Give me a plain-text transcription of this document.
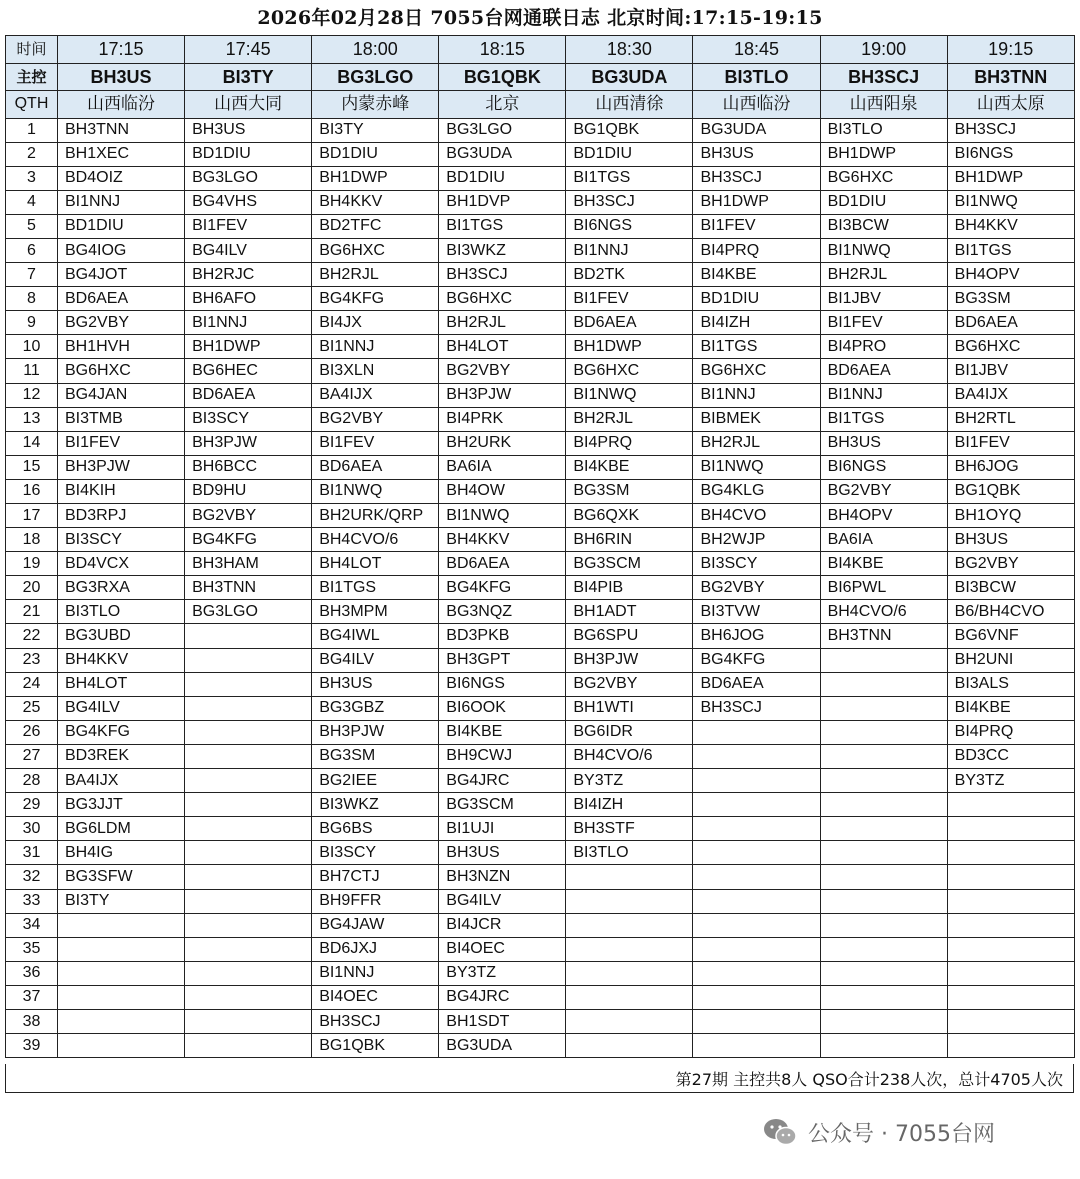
2026年02月28日 7055台网通联日志 北京时间:17:15-19:15
时间	17:15	17:45	18:00	18:15	18:30	18:45	19:00	19:15
主控	BH3US	BI3TY	BG3LGO	BG1QBK	BG3UDA	BI3TLO	BH3SCJ	BH3TNN
QTH	山西临汾	山西大同	内蒙赤峰	北京	山西清徐	山西临汾	山西阳泉	山西太原
1	BH3TNN	BH3US	BI3TY	BG3LGO	BG1QBK	BG3UDA	BI3TLO	BH3SCJ
2	BH1XEC	BD1DIU	BD1DIU	BG3UDA	BD1DIU	BH3US	BH1DWP	BI6NGS
3	BD4OIZ	BG3LGO	BH1DWP	BD1DIU	BI1TGS	BH3SCJ	BG6HXC	BH1DWP
4	BI1NNJ	BG4VHS	BH4KKV	BH1DVP	BH3SCJ	BH1DWP	BD1DIU	BI1NWQ
5	BD1DIU	BI1FEV	BD2TFC	BI1TGS	BI6NGS	BI1FEV	BI3BCW	BH4KKV
6	BG4IOG	BG4ILV	BG6HXC	BI3WKZ	BI1NNJ	BI4PRQ	BI1NWQ	BI1TGS
7	BG4JOT	BH2RJC	BH2RJL	BH3SCJ	BD2TK	BI4KBE	BH2RJL	BH4OPV
8	BD6AEA	BH6AFO	BG4KFG	BG6HXC	BI1FEV	BD1DIU	BI1JBV	BG3SM
9	BG2VBY	BI1NNJ	BI4JX	BH2RJL	BD6AEA	BI4IZH	BI1FEV	BD6AEA
10	BH1HVH	BH1DWP	BI1NNJ	BH4LOT	BH1DWP	BI1TGS	BI4PRO	BG6HXC
11	BG6HXC	BG6HEC	BI3XLN	BG2VBY	BG6HXC	BG6HXC	BD6AEA	BI1JBV
12	BG4JAN	BD6AEA	BA4IJX	BH3PJW	BI1NWQ	BI1NNJ	BI1NNJ	BA4IJX
13	BI3TMB	BI3SCY	BG2VBY	BI4PRK	BH2RJL	BIBMEK	BI1TGS	BH2RTL
14	BI1FEV	BH3PJW	BI1FEV	BH2URK	BI4PRQ	BH2RJL	BH3US	BI1FEV
15	BH3PJW	BH6BCC	BD6AEA	BA6IA	BI4KBE	BI1NWQ	BI6NGS	BH6JOG
16	BI4KIH	BD9HU	BI1NWQ	BH4OW	BG3SM	BG4KLG	BG2VBY	BG1QBK
17	BD3RPJ	BG2VBY	BH2URK/QRP	BI1NWQ	BG6QXK	BH4CVO	BH4OPV	BH1OYQ
18	BI3SCY	BG4KFG	BH4CVO/6	BH4KKV	BH6RIN	BH2WJP	BA6IA	BH3US
19	BD4VCX	BH3HAM	BH4LOT	BD6AEA	BG3SCM	BI3SCY	BI4KBE	BG2VBY
20	BG3RXA	BH3TNN	BI1TGS	BG4KFG	BI4PIB	BG2VBY	BI6PWL	BI3BCW
21	BI3TLO	BG3LGO	BH3MPM	BG3NQZ	BH1ADT	BI3TVW	BH4CVO/6	B6/BH4CVO
22	BG3UBD		BG4IWL	BD3PKB	BG6SPU	BH6JOG	BH3TNN	BG6VNF
23	BH4KKV		BG4ILV	BH3GPT	BH3PJW	BG4KFG		BH2UNI
24	BH4LOT		BH3US	BI6NGS	BG2VBY	BD6AEA		BI3ALS
25	BG4ILV		BG3GBZ	BI6OOK	BH1WTI	BH3SCJ		BI4KBE
26	BG4KFG		BH3PJW	BI4KBE	BG6IDR			BI4PRQ
27	BD3REK		BG3SM	BH9CWJ	BH4CVO/6			BD3CC
28	BA4IJX		BG2IEE	BG4JRC	BY3TZ			BY3TZ
29	BG3JJT		BI3WKZ	BG3SCM	BI4IZH			
30	BG6LDM		BG6BS	BI1UJI	BH3STF			
31	BH4IG		BI3SCY	BH3US	BI3TLO			
32	BG3SFW		BH7CTJ	BH3NZN				
33	BI3TY		BH9FFR	BG4ILV				
34			BG4JAW	BI4JCR				
35			BD6JXJ	BI4OEC				
36			BI1NNJ	BY3TZ				
37			BI4OEC	BG4JRC				
38			BH3SCJ	BH1SDT				
39			BG1QBK	BG3UDA				
第27期 主控共8人 QSO合计238人次，总计4705人次
公众号 · 7055台网
